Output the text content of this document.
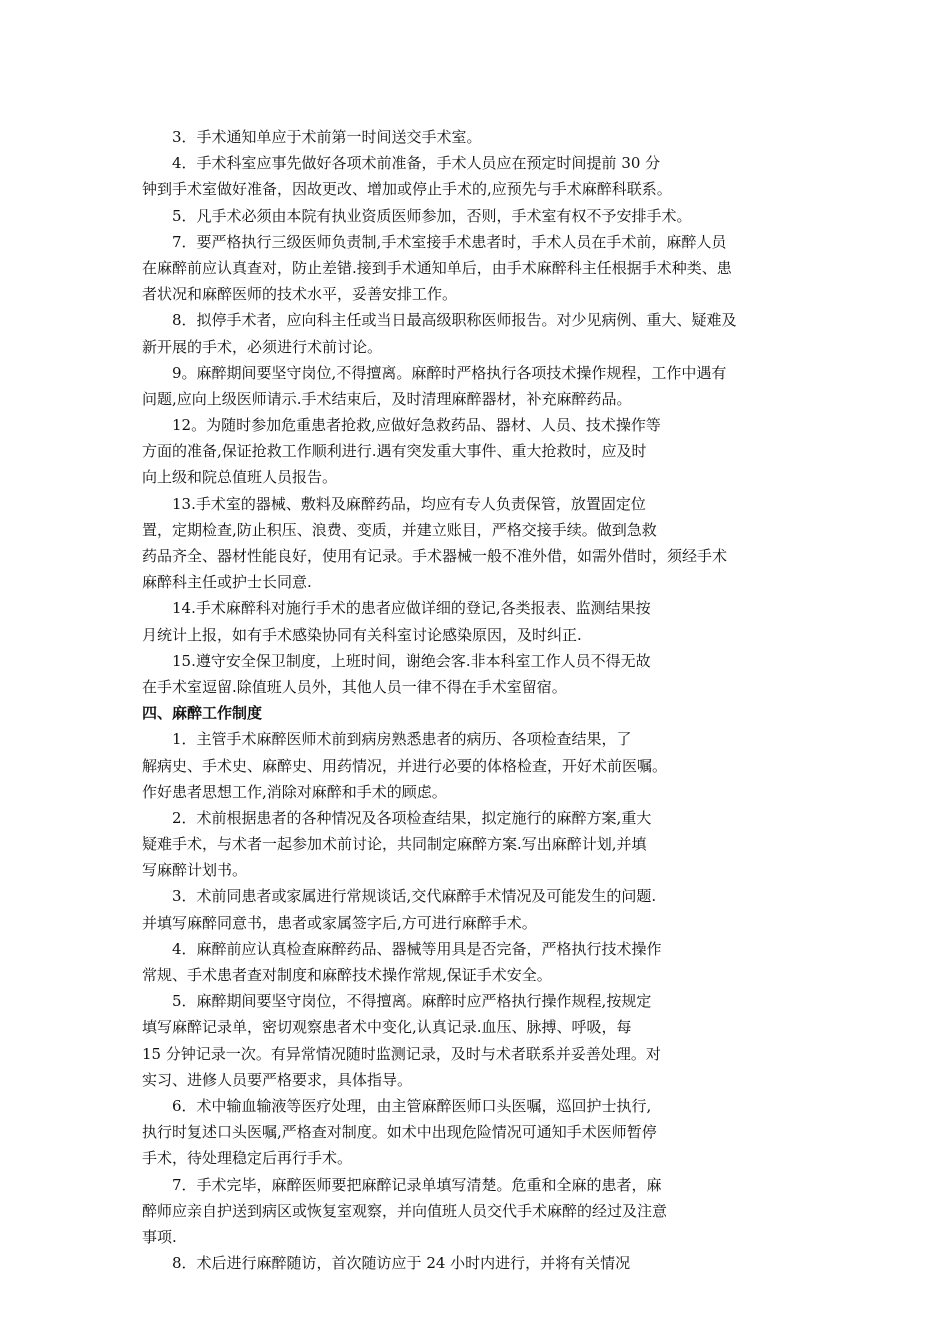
3．手术通知单应于术前第一时间送交手术室。
4．手术科室应事先做好各项术前准备，手术人员应在预定时间提前 30 分
钟到手术室做好准备，因故更改、增加或停止手术的,应预先与手术麻醉科联系。
5．凡手术必须由本院有执业资质医师参加，否则，手术室有权不予安排手术。
7．要严格执行三级医师负责制,手术室接手术患者时，手术人员在手术前，麻醉人员
在麻醉前应认真查对，防止差错.接到手术通知单后，由手术麻醉科主任根据手术种类、患
者状况和麻醉医师的技术水平，妥善安排工作。
8．拟停手术者，应向科主任或当日最高级职称医师报告。对少见病例、重大、疑难及
新开展的手术，必须进行术前讨论。
9。麻醉期间要坚守岗位,不得擅离。麻醉时严格执行各项技术操作规程，工作中遇有
问题,应向上级医师请示.手术结束后，及时清理麻醉器材，补充麻醉药品。
12。为随时参加危重患者抢救,应做好急救药品、器材、人员、技术操作等
方面的准备,保证抢救工作顺利进行.遇有突发重大事件、重大抢救时，应及时
向上级和院总值班人员报告。
13.手术室的器械、敷料及麻醉药品，均应有专人负责保管，放置固定位
置，定期检查,防止积压、浪费、变质，并建立账目，严格交接手续。做到急救
药品齐全、器材性能良好，使用有记录。手术器械一般不准外借，如需外借时，须经手术
麻醉科主任或护士长同意.
14.手术麻醉科对施行手术的患者应做详细的登记,各类报表、监测结果按
月统计上报，如有手术感染协同有关科室讨论感染原因，及时纠正.
15.遵守安全保卫制度，上班时间，谢绝会客.非本科室工作人员不得无故
在手术室逗留.除值班人员外，其他人员一律不得在手术室留宿。
四、麻醉工作制度
1．主管手术麻醉医师术前到病房熟悉患者的病历、各项检查结果，了
解病史、手术史、麻醉史、用药情况，并进行必要的体格检查，开好术前医嘱。
作好患者思想工作,消除对麻醉和手术的顾虑。
2．术前根据患者的各种情况及各项检查结果，拟定施行的麻醉方案,重大
疑难手术，与术者一起参加术前讨论，共同制定麻醉方案.写出麻醉计划,并填
写麻醉计划书。
3．术前同患者或家属进行常规谈话,交代麻醉手术情况及可能发生的问题.
并填写麻醉同意书，患者或家属签字后,方可进行麻醉手术。
4．麻醉前应认真检查麻醉药品、器械等用具是否完备，严格执行技术操作
常规、手术患者查对制度和麻醉技术操作常规,保证手术安全。
5．麻醉期间要坚守岗位，不得擅离。麻醉时应严格执行操作规程,按规定
填写麻醉记录单，密切观察患者术中变化,认真记录.血压、脉搏、呼吸，每
15 分钟记录一次。有异常情况随时监测记录，及时与术者联系并妥善处理。对
实习、进修人员要严格要求，具体指导。
6．术中输血输液等医疗处理，由主管麻醉医师口头医嘱，巡回护士执行,
执行时复述口头医嘱,严格查对制度。如术中出现危险情况可通知手术医师暂停
手术，待处理稳定后再行手术。
7．手术完毕，麻醉医师要把麻醉记录单填写清楚。危重和全麻的患者，麻
醉师应亲自护送到病区或恢复室观察，并向值班人员交代手术麻醉的经过及注意
事项.
8．术后进行麻醉随访，首次随访应于 24 小时内进行，并将有关情况
